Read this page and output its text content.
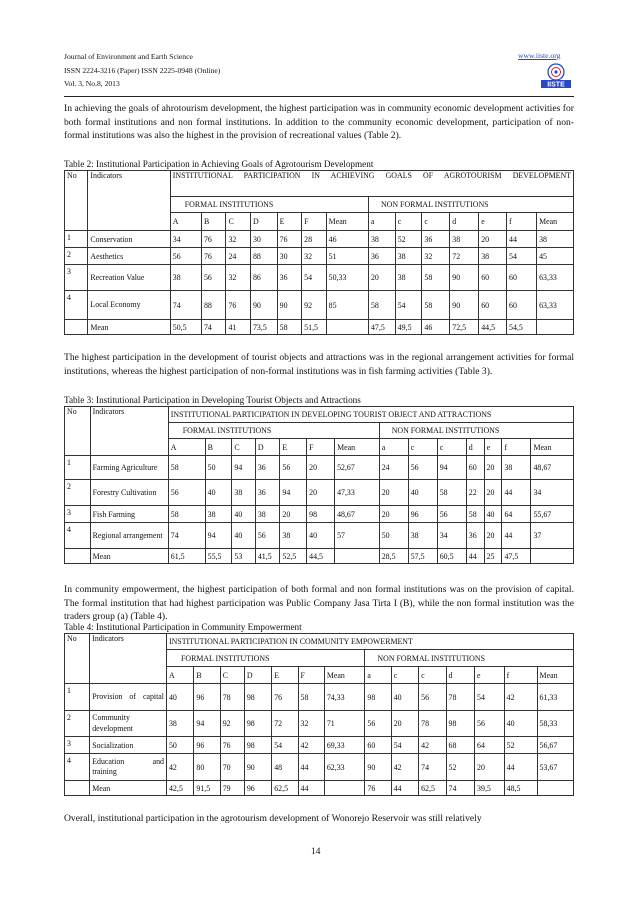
Journal of Environment and Earth Science
ISSN 2224-3216 (Paper) ISSN 2225-0948 (Online)
Vol. 3, No.8, 2013
www.iiste.org
IISTE
In achieving the goals of ahrotourism development, the highest participation was in community economic development activities for both formal institutions and non formal institutions. In addition to the community economic development, participation of non-formal institutions was also the highest in the provision of recreational values (Table 2).
Table 2: Institutional Participation in Achieving Goals of Agrotourism Development
No	Indicators	INSTITUTIONAL PARTICIPATION IN ACHIEVING GOALS OF AGROTOURISM DEVELOPMENT													
		FORMAL INSTITUTIONS							NON FORMAL INSTITUTIONS						
		A	B	C	D	E	F	Mean	a	c	c	d	e	f	Mean
1	Conservation	34	76	32	30	76	28	46	38	52	36	38	20	44	38
2	Aesthetics	56	76	24	88	30	32	51	36	38	32	72	38	54	45
3	Recreation Value	38	56	32	86	36	54	50,33	20	38	58	90	60	60	63,33
4	Local Economy	74	88	76	90	90	92	85	58	54	58	90	60	60	63,33
	Mean	50,5	74	41	73,5	58	51,5		47,5	49,5	46	72,5	44,5	54,5	
The highest participation in the development of tourist objects and attractions was in the regional arrangement activities for formal institutions, whereas the highest participation of non-formal institutions was in fish farming activities (Table 3).
Table 3: Institutional Participation in Developing Tourist Objects and Attractions
No	Indicators	INSTITUTIONAL PARTICIPATION IN DEVELOPING TOURIST OBJECT AND ATTRACTIONS													
		FORMAL INSTITUTIONS							NON FORMAL INSTITUTIONS						
		A	B	C	D	E	F	Mean	a	c	c	d	e	f	Mean
1	Farming Agriculture	58	50	94	36	56	20	52,67	24	56	94	60	20	38	48,67
2	Forestry Cultivation	56	40	38	36	94	20	47,33	20	40	58	22	20	44	34
3	Fish Farming	58	38	40	38	20	98	48,67	20	96	56	58	40	64	55,67
4	Regional arrangement	74	94	40	56	38	40	57	50	38	34	36	20	44	37
	Mean	61,5	55,5	53	41,5	52,5	44,5		28,5	57,5	60,5	44	25	47,5	
In community empowerment, the highest participation of both formal and non formal institutions was on the provision of capital. The formal institution that had highest participation was Public Company Jasa Tirta I (B), while the non formal institution was the traders group (a) (Table 4).
Table 4: Institutional Participation in Community Empowerment
No	Indicators	INSTITUTIONAL PARTICIPATION IN COMMUNITY EMPOWERMENT													
		FORMAL INSTITUTIONS							NON FORMAL INSTITUTIONS						
		A	B	C	D	E	F	Mean	a	c	c	d	e	f	Mean
1	Provision of capital	40	96	78	98	76	58	74,33	98	40	56	78	54	42	61,33
2	Community development	38	94	92	98	72	32	71	56	20	78	98	56	40	58,33
3	Socialization	50	96	76	98	54	42	69,33	60	54	42	68	64	52	56,67
4	Education and training	42	80	70	90	48	44	62,33	90	42	74	52	20	44	53,67
	Mean	42,5	91,5	79	96	62,5	44		76	44	62,5	74	39,5	48,5	
Overall, institutional participation in the agrotourism development of Wonorejo Reservoir was still relatively
14
